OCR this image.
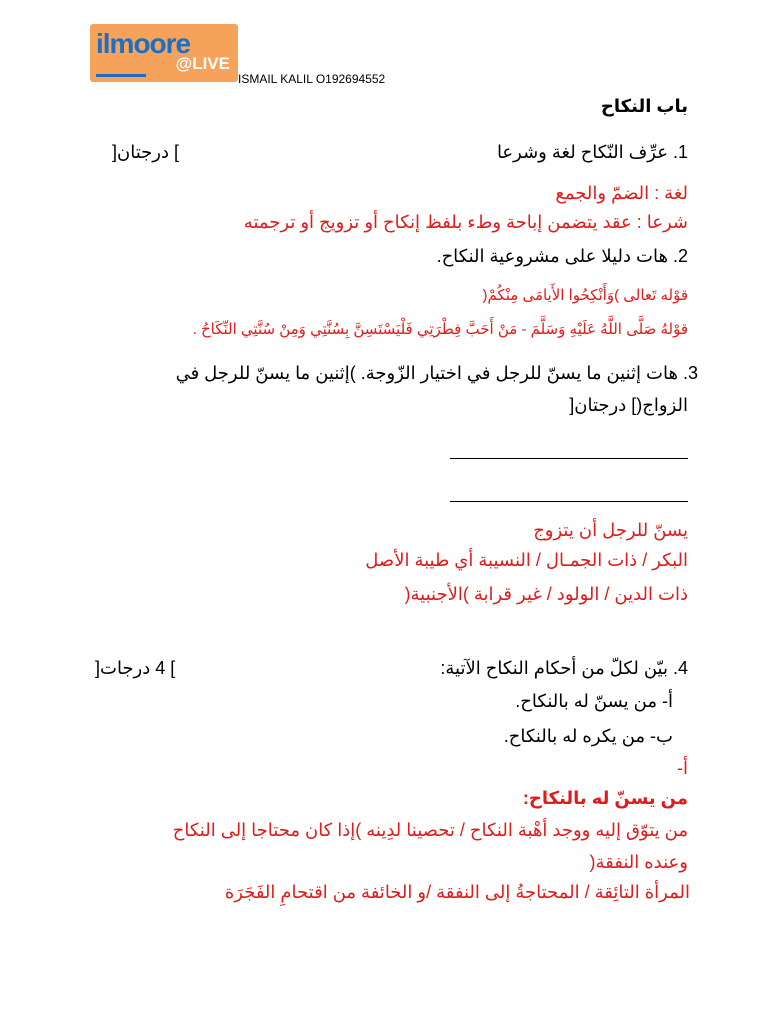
ilmoore
@LIVE
ISMAIL KALIL O192694552
باب النكاح
1. عرِّف النّكاح لغة وشرعا
] درجتان[
لغة : الضمّ والجمع
شرعا : عقد يتضمن إباحة وطء بلفظ إنكاح أو تزويج أو ترجمته
2. هات دليلا على مشروعية النكاح.
قوْله تَعالى )وَأَنْكِحُوا الأَيامَى مِنْكُمْ(
قوْلهُ صَلَّى اللَّهُ عَلَيْهِ وَسَلَّمَ - مَنْ أَحَبَّ فِطْرَتِي فَلْيَسْتَسِنَّ بِسُنَّتِي وَمِنْ سُنَّتِي النِّكَاحُ .
3. هات إثنين ما يسنّ للرجل في اختيار الزّوجة. )إثنين ما يسنّ للرجل في
الزواج(] درجتان[
يسنّ للرجل أن يتزوج
البكر / ذات الجمـال / النسيبة أي طيبة الأصل
ذات الدين / الولود / غير قرابة )الأجنبية(
4. بيّن لكلّ من أحكام النكاح الآتية:
] 4 درجات[
أ- من يسنّ له بالنكاح.
ب- من يكره له بالنكاح.
أ-
من يسنّ له بالنكاح:
من يتوّق إليه ووجد أهْبة النكاح / تحصينا لدِينه )إذا كان محتاجا إلى النكاح
وعنده النفقة(
المرأة التائِقة / المحتاجةُ إلى النفقة /و الخائفة من اقتحامِ الفَجَرَة
